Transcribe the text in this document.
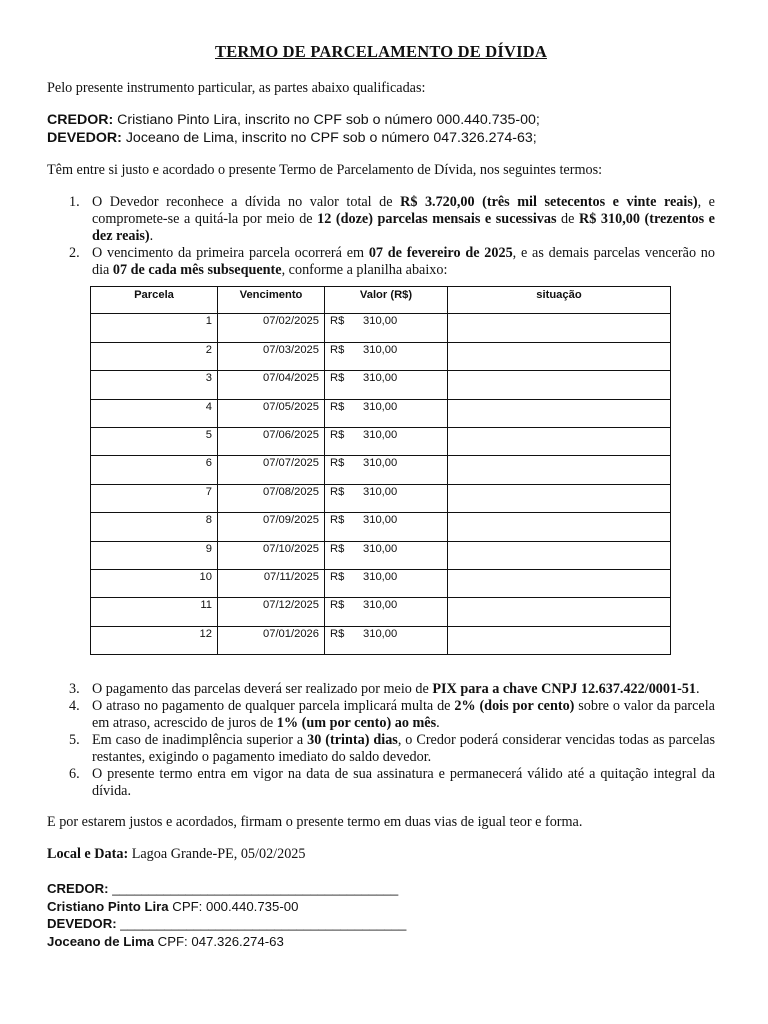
TERMO DE PARCELAMENTO DE DÍVIDA

Pelo presente instrumento particular, as partes abaixo qualificadas:

CREDOR: Cristiano Pinto Lira, inscrito no CPF sob o número 000.440.735-00;

DEVEDOR: Joceano de Lima, inscrito no CPF sob o número 047.326.274-63;

Têm entre si justo e acordado o presente Termo de Parcelamento de Dívida, nos seguintes termos:

1. O Devedor reconhece a dívida no valor total de R$ 3.720,00 (três mil setecentos e vinte reais), e compromete-se a quitá-la por meio de 12 (doze) parcelas mensais e sucessivas de R$ 310,00 (trezentos e dez reais).
2. O vencimento da primeira parcela ocorrerá em 07 de fevereiro de 2025, e as demais parcelas vencerão no dia 07 de cada mês subsequente, conforme a planilha abaixo:
Parcela	Vencimento	Valor (R$)	situação
1	07/02/2025	R$ 310,00	
2	07/03/2025	R$ 310,00	
3	07/04/2025	R$ 310,00	
4	07/05/2025	R$ 310,00	
5	07/06/2025	R$ 310,00	
6	07/07/2025	R$ 310,00	
7	07/08/2025	R$ 310,00	
8	07/09/2025	R$ 310,00	
9	07/10/2025	R$ 310,00	
10	07/11/2025	R$ 310,00	
11	07/12/2025	R$ 310,00	
12	07/01/2026	R$ 310,00	
3. O pagamento das parcelas deverá ser realizado por meio de PIX para a chave CNPJ 12.637.422/0001-51.
4. O atraso no pagamento de qualquer parcela implicará multa de 2% (dois por cento) sobre o valor da parcela em atraso, acrescido de juros de 1% (um por cento) ao mês.
5. Em caso de inadimplência superior a 30 (trinta) dias, o Credor poderá considerar vencidas todas as parcelas restantes, exigindo o pagamento imediato do saldo devedor.
6. O presente termo entra em vigor na data de sua assinatura e permanecerá válido até a quitação integral da dívida.

E por estarem justos e acordados, firmam o presente termo em duas vias de igual teor e forma.

Local e Data: Lagoa Grande-PE, 05/02/2025

CREDOR: _______________________________________

Cristiano Pinto Lira CPF: 000.440.735-00

DEVEDOR: _______________________________________

Joceano de Lima CPF: 047.326.274-63
